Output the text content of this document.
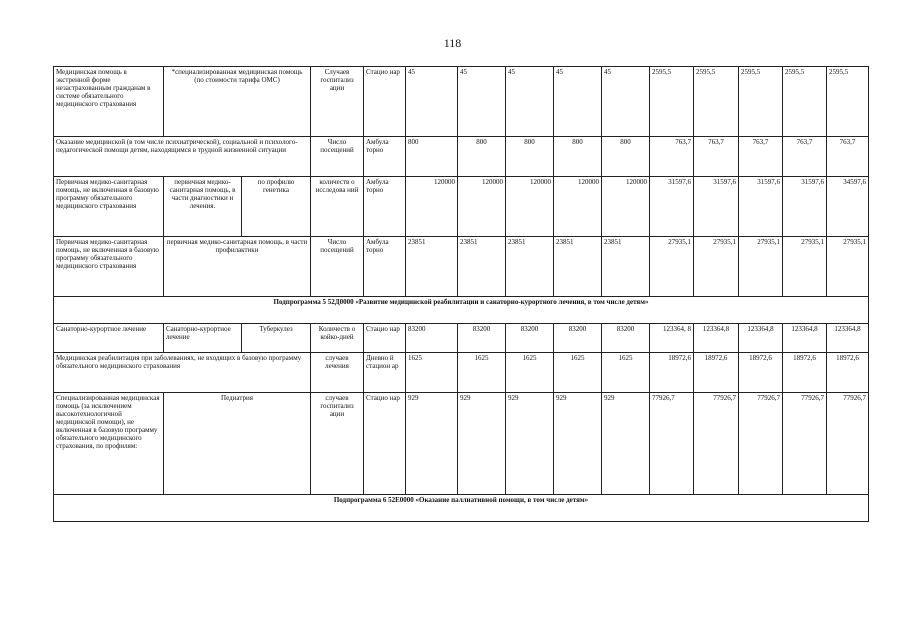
118
Медицинская помощь в экстренной форме незастрахованным гражданам в системе обязательного медицинского страхования	*специализированная медицинская помощь (по стоимости тарифа ОМС)		Случаев госпитализ ации	Стацио нар	45	45	45	45	45	2595,5	2595,5	2595,5	2595,5	2595,5
Оказание медицинской (в том числе психиатрической), социальной и психолого-педагогической помощи детям, находящимся в трудной жизненной ситуации			Число посещений	Амбула торно	800	800	800	800	800	763,7	763,7	763,7	763,7	763,7
Первичная медико-санитарная помощь, не включенная в базовую программу обязательного медицинского страхования	первичная медико-санитарная помощь, в части диагностики и лечения.	по профилю генетика	количеств о исследова ний	Амбула торно	120000	120000	120000	120000	120000	31597,6	31597,6	31597,6	31597,6	34597,6
Первичная медико-санитарная помощь, не включенная в базовую программу обязательного медицинского страхования	первичная медико-санитарная помощь, в части профилактики		Число посещений	Амбула торно	23851	23851	23851	23851	23851	27935,1	27935,1	27935,1	27935,1	27935,1
Подпрограмма 5 52Д0000 «Развитие медицинской реабилитации и санаторно-курортного лечения, в том числе детям»														
Санаторно-курортное лечение	Санаторно-курортное лечение	Туберкулез	Количеств о койко-дней	Стацио нар	83200	83200	83200	83200	83200	123364, 8	123364,8	123364,8	123364,8	123364,8
Медицинская реабилитация при заболеваниях, не входящих в базовую программу обязательного медицинского страхования			случаев лечения	Дневно й стацион ар	1625	1625	1625	1625	1625	18972,6	18972,6	18972,6	18972,6	18972,6
Специализированная медицинская помощь (за исключением высокотехнологичной медицинской помощи), не включенная в базовую программу обязательного медицинского страхования, по профилям:	Педиатрия		случаев госпитализ ации	Стацио нар	929	929	929	929	929	77926,7	77926,7	77926,7	77926,7	77926,7
Подпрограмма 6 52Е0000 «Оказание паллиативной помощи, в том числе детям»														
